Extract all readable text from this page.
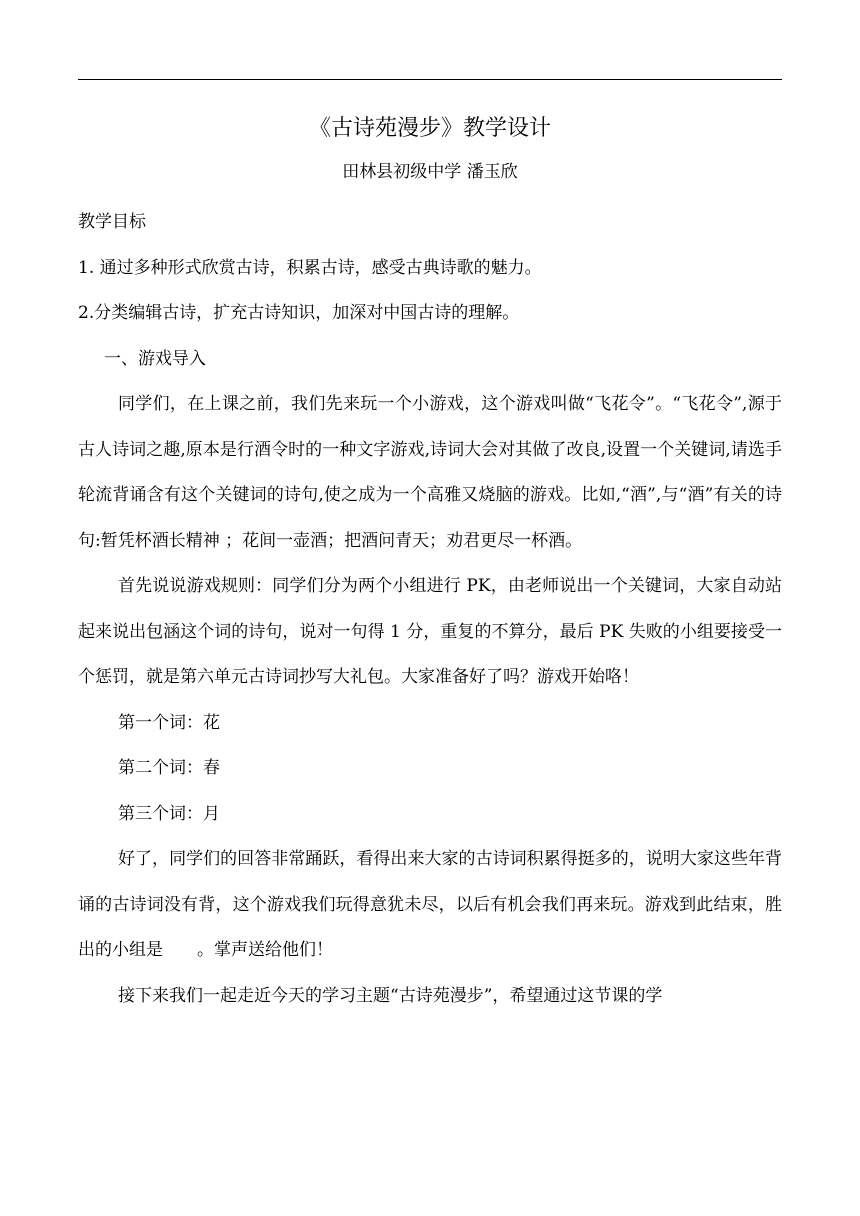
《古诗苑漫步》教学设计
田林县初级中学 潘玉欣

教学目标

1. 通过多种形式欣赏古诗，积累古诗，感受古典诗歌的魅力。

2.分类编辑古诗，扩充古诗知识，加深对中国古诗的理解。

一、游戏导入

同学们，在上课之前，我们先来玩一个小游戏，这个游戏叫做“飞花令”。“飞花令”,源于古人诗词之趣,原本是行酒令时的一种文字游戏,诗词大会对其做了改良,设置一个关键词,请选手轮流背诵含有这个关键词的诗句,使之成为一个高雅又烧脑的游戏。比如,“酒”,与“酒”有关的诗句:暂凭杯酒长精神 ；花间一壶酒；把酒问青天；劝君更尽一杯酒。

首先说说游戏规则：同学们分为两个小组进行 PK，由老师说出一个关键词，大家自动站起来说出包涵这个词的诗句，说对一句得 1 分，重复的不算分，最后 PK 失败的小组要接受一个惩罚，就是第六单元古诗词抄写大礼包。大家准备好了吗？游戏开始咯！

第一个词：花

第二个词：春

第三个词：月

好了，同学们的回答非常踊跃，看得出来大家的古诗词积累得挺多的，说明大家这些年背诵的古诗词没有背，这个游戏我们玩得意犹未尽，以后有机会我们再来玩。游戏到此结束，胜出的小组是 。掌声送给他们！

接下来我们一起走近今天的学习主题“古诗苑漫步”，希望通过这节课的学
